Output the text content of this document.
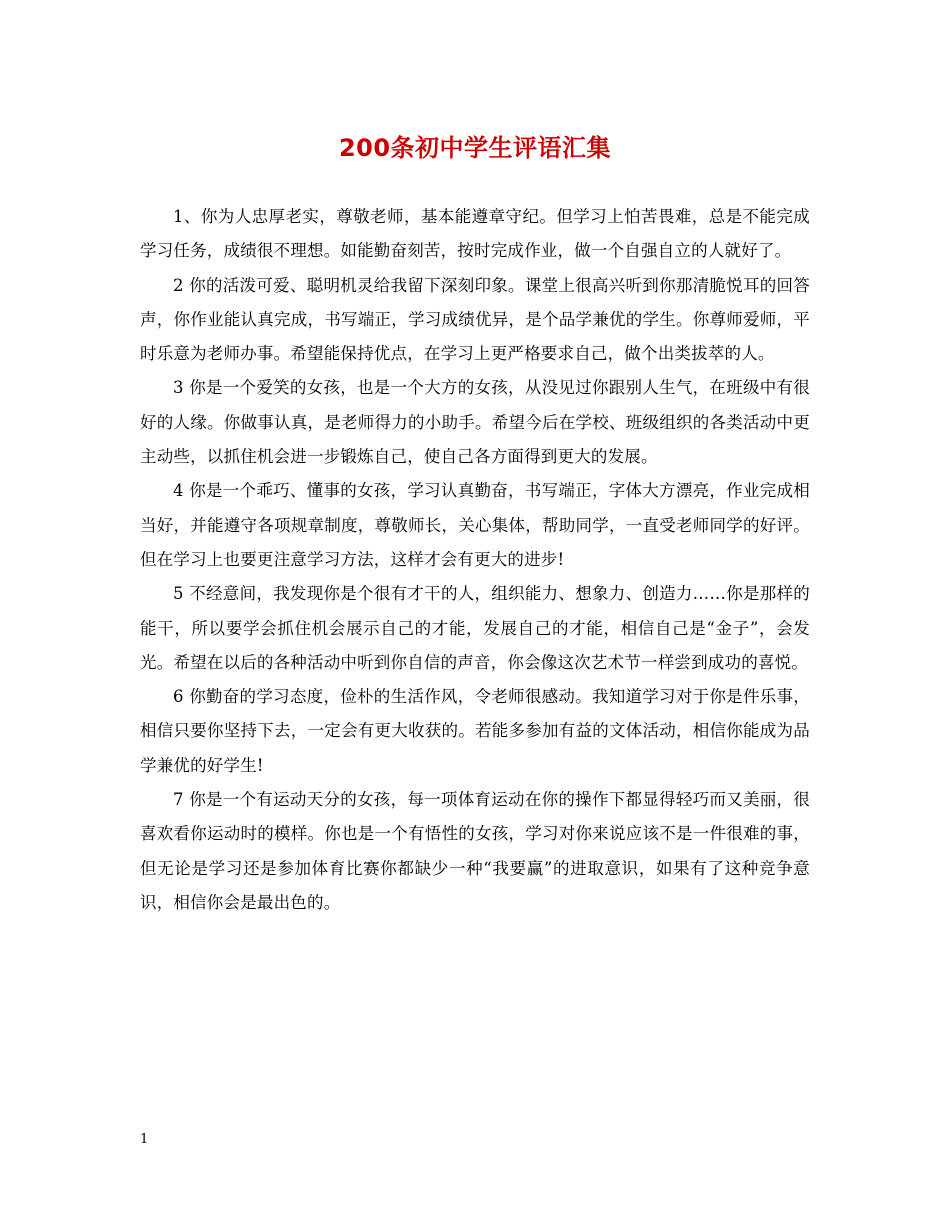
200条初中学生评语汇集

1、你为人忠厚老实，尊敬老师，基本能遵章守纪。但学习上怕苦畏难，总是不能完成学习任务，成绩很不理想。如能勤奋刻苦，按时完成作业，做一个自强自立的人就好了。

2 你的活泼可爱、聪明机灵给我留下深刻印象。课堂上很高兴听到你那清脆悦耳的回答声，你作业能认真完成，书写端正，学习成绩优异，是个品学兼优的学生。你尊师爱师，平时乐意为老师办事。希望能保持优点，在学习上更严格要求自己，做个出类拔萃的人。

3 你是一个爱笑的女孩，也是一个大方的女孩，从没见过你跟别人生气，在班级中有很好的人缘。你做事认真，是老师得力的小助手。希望今后在学校、班级组织的各类活动中更主动些，以抓住机会进一步锻炼自己，使自己各方面得到更大的发展。

4 你是一个乖巧、懂事的女孩，学习认真勤奋，书写端正，字体大方漂亮，作业完成相当好，并能遵守各项规章制度，尊敬师长，关心集体，帮助同学，一直受老师同学的好评。但在学习上也要更注意学习方法，这样才会有更大的进步!

5 不经意间，我发现你是个很有才干的人，组织能力、想象力、创造力……你是那样的能干，所以要学会抓住机会展示自己的才能，发展自己的才能，相信自己是“金子”，会发光。希望在以后的各种活动中听到你自信的声音，你会像这次艺术节一样尝到成功的喜悦。

6 你勤奋的学习态度，俭朴的生活作风，令老师很感动。我知道学习对于你是件乐事，相信只要你坚持下去，一定会有更大收获的。若能多参加有益的文体活动，相信你能成为品学兼优的好学生!

7 你是一个有运动天分的女孩，每一项体育运动在你的操作下都显得轻巧而又美丽，很喜欢看你运动时的模样。你也是一个有悟性的女孩，学习对你来说应该不是一件很难的事，但无论是学习还是参加体育比赛你都缺少一种“我要赢”的进取意识，如果有了这种竞争意识，相信你会是最出色的。

1
